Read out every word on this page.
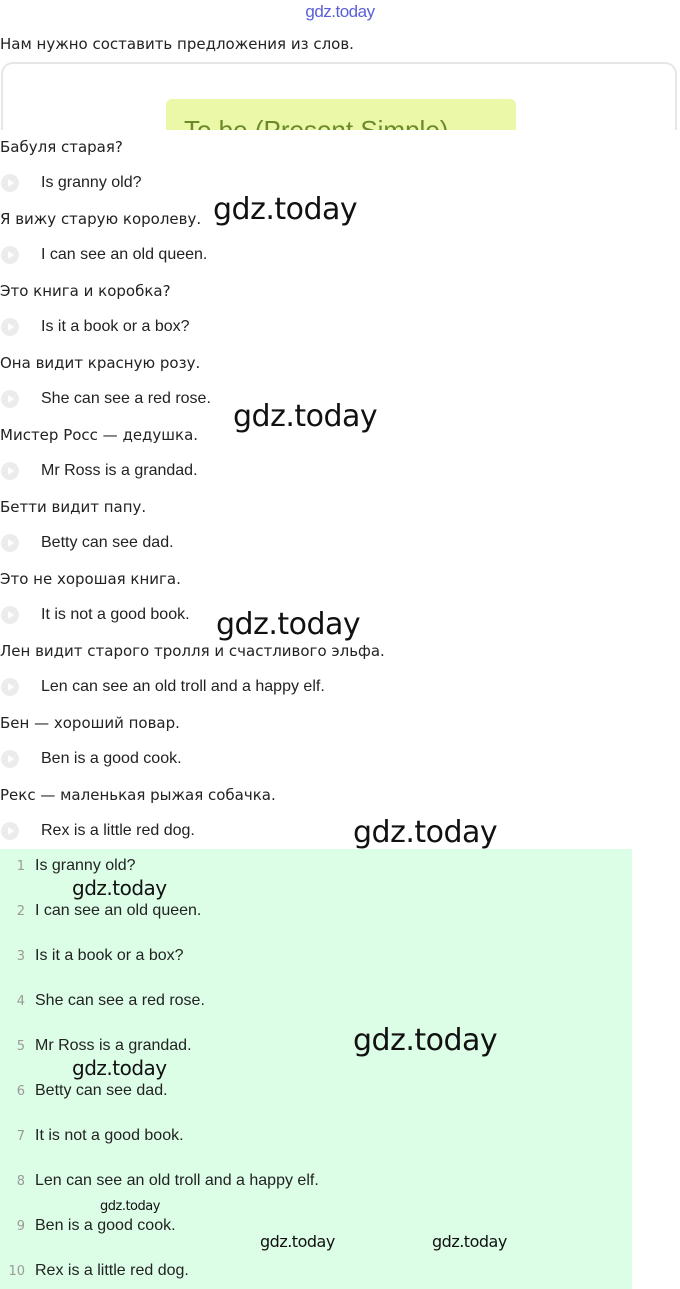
gdz.today
Нам нужно составить предложения из слов.
Бабуля старая?
Is granny old?
Я вижу старую королеву.
I can see an old queen.
Это книга и коробка?
Is it a book or a box?
Она видит красную розу.
She can see a red rose.
Мистер Росс — дедушка.
Mr Ross is a grandad.
Бетти видит папу.
Betty can see dad.
Это не хорошая книга.
It is not a good book.
Лен видит старого тролля и счастливого эльфа.
Len can see an old troll and a happy elf.
Бен — хороший повар.
Ben is a good cook.
Рекс — маленькая рыжая собачка.
Rex is a little red dog.
1 Is granny old?
2 I can see an old queen.
3 Is it a book or a box?
4 She can see a red rose.
5 Mr Ross is a grandad.
6 Betty can see dad.
7 It is not a good book.
8 Len can see an old troll and a happy elf.
9 Ben is a good cook.
10 Rex is a little red dog.
gdz.today
gdz.today
gdz.today
gdz.today
gdz.today
gdz.today
gdz.today
gdz.today
gdz.today	gdz.today
